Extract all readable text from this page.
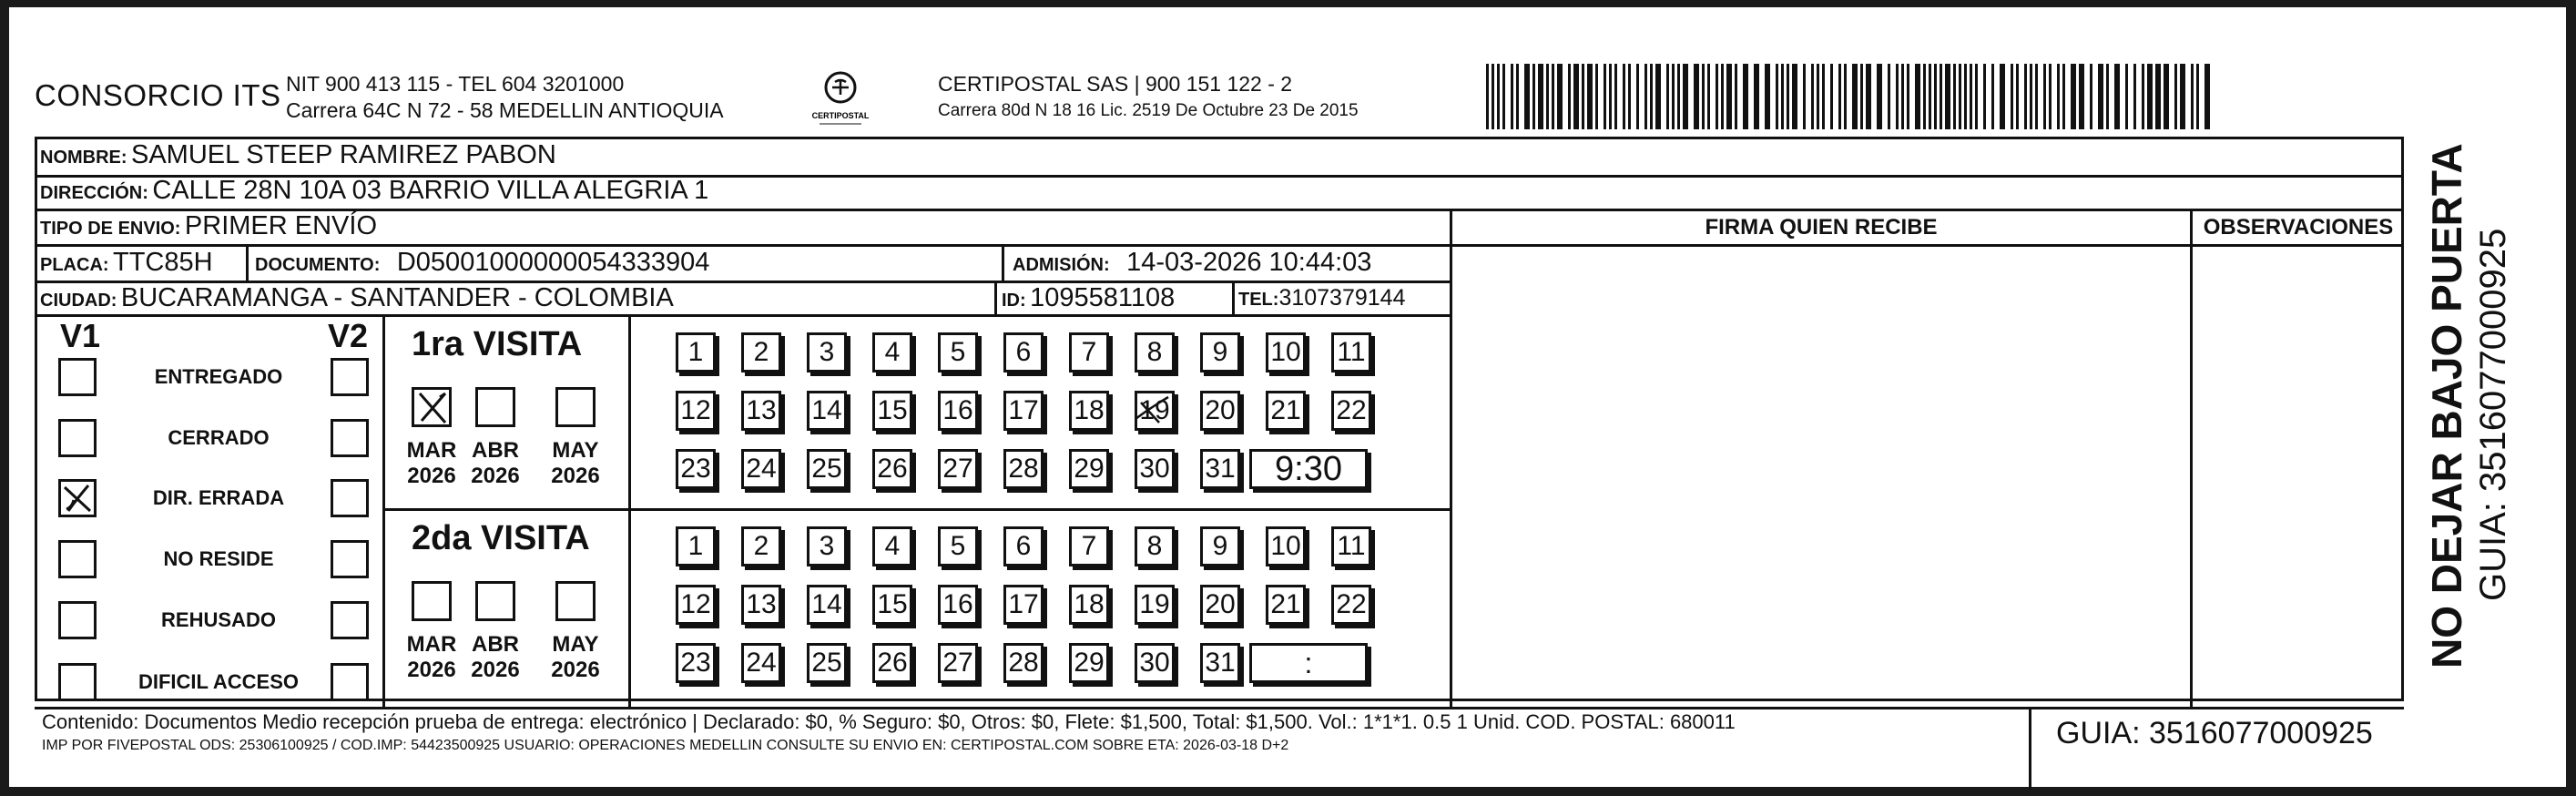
CONSORCIO ITS NIT 900 413 115 - TEL 604 3201000
Carrera 64C N 72 - 58 MEDELLIN ANTIOQUIA	CERTIPOSTAL
CERTIPOSTAL SAS | 900 151 122 - 2
Carrera 80d N 18 16 Lic. 2519 De Octubre 23 De 2015
NOMBRE: SAMUEL STEEP RAMIREZ PABON
DIRECCIÓN: CALLE 28N 10A 03 BARRIO VILLA ALEGRIA 1
TIPO DE ENVIO: PRIMER ENVÍO	FIRMA QUIEN RECIBE	OBSERVACIONES
PLACA: TTC85H DOCUMENTO: D05001000000054333904	ADMISIÓN: 14-03-2026 10:44:03
CIUDAD: BUCARAMANGA - SANTANDER - COLOMBIA	ID: 1095581108	TEL:3107379144
V1	V2
ENTREGADO
CERRADO
DIR. ERRADA
NO RESIDE
REHUSADO
DIFICIL ACCESO
1ra VISITA
MAR
2026
ABR
2026
MAY
2026
1	2	3	4	5	6	7	8	9	10 11
12 13 14 15 16 17 18 19 20 21 22
23 24 25 26 27 28 29 30 31	9:30
2da VISITA
MAR
2026
ABR
2026
MAY
2026
1	2	3	4	5	6	7	8	9	10 11
12 13 14 15 16 17 18 19 20 21 22
23 24 25 26 27 28 29 30 31	:
Contenido: Documentos Medio recepción prueba de entrega: electrónico | Declarado: $0, % Seguro: $0, Otros: $0, Flete: $1,500, Total: $1,500. Vol.: 1*1*1. 0.5 1 Unid. COD. POSTAL: 680011
IMP POR FIVEPOSTAL ODS: 25306100925 / COD.IMP: 54423500925 USUARIO: OPERACIONES MEDELLIN CONSULTE SU ENVIO EN: CERTIPOSTAL.COM SOBRE ETA: 2026-03-18 D+2	GUIA: 3516077000925
NO DEJAR BAJO PUERTA GUIA: 3516077000925
